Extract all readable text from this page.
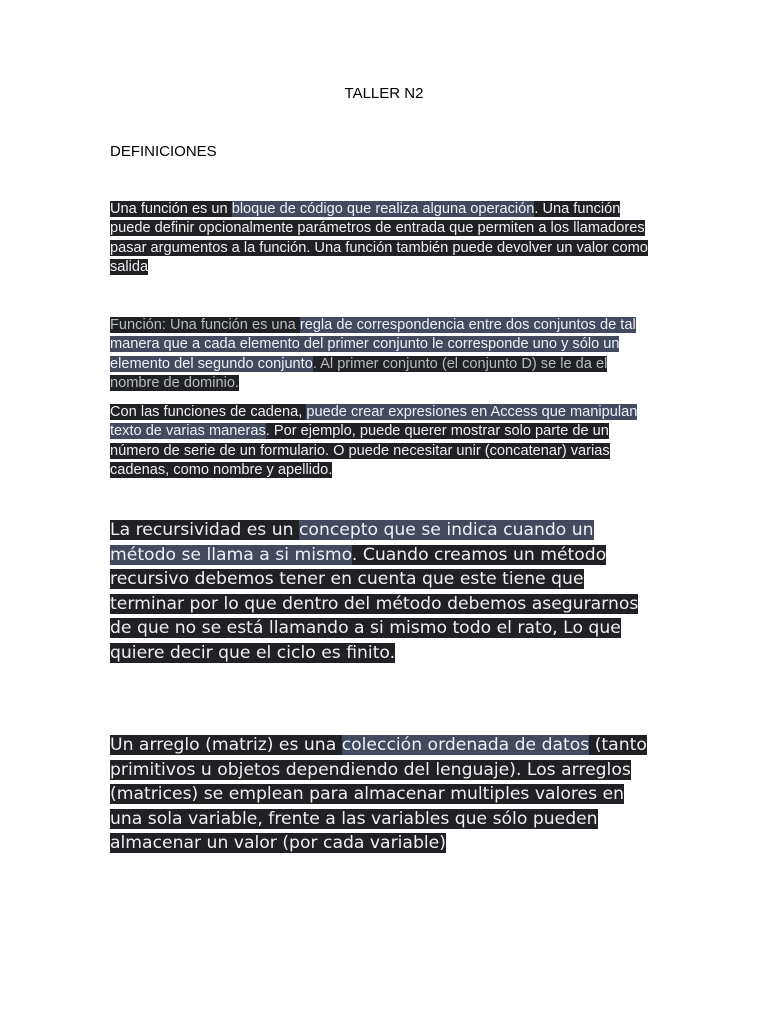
TALLER N2
DEFINICIONES

Una función es un bloque de código que realiza alguna operación. Una función puede definir opcionalmente parámetros de entrada que permiten a los llamadores pasar argumentos a la función. Una función también puede devolver un valor como salida

Función: Una función es una regla de correspondencia entre dos conjuntos de tal manera que a cada elemento del primer conjunto le corresponde uno y sólo un elemento del segundo conjunto. Al primer conjunto (el conjunto D) se le da el nombre de dominio.

Con las funciones de cadena, puede crear expresiones en Access que manipulan texto de varias maneras. Por ejemplo, puede querer mostrar solo parte de un número de serie de un formulario. O puede necesitar unir (concatenar) varias cadenas, como nombre y apellido.

La recursividad es un concepto que se indica cuando un método se llama a si mismo. Cuando creamos un método recursivo debemos tener en cuenta que este tiene que terminar por lo que dentro del método debemos asegurarnos de que no se está llamando a si mismo todo el rato, Lo que quiere decir que el ciclo es finito.

Un arreglo (matriz) es una colección ordenada de datos (tanto primitivos u objetos dependiendo del lenguaje). Los arreglos (matrices) se emplean para almacenar multiples valores en una sola variable, frente a las variables que sólo pueden almacenar un valor (por cada variable)
